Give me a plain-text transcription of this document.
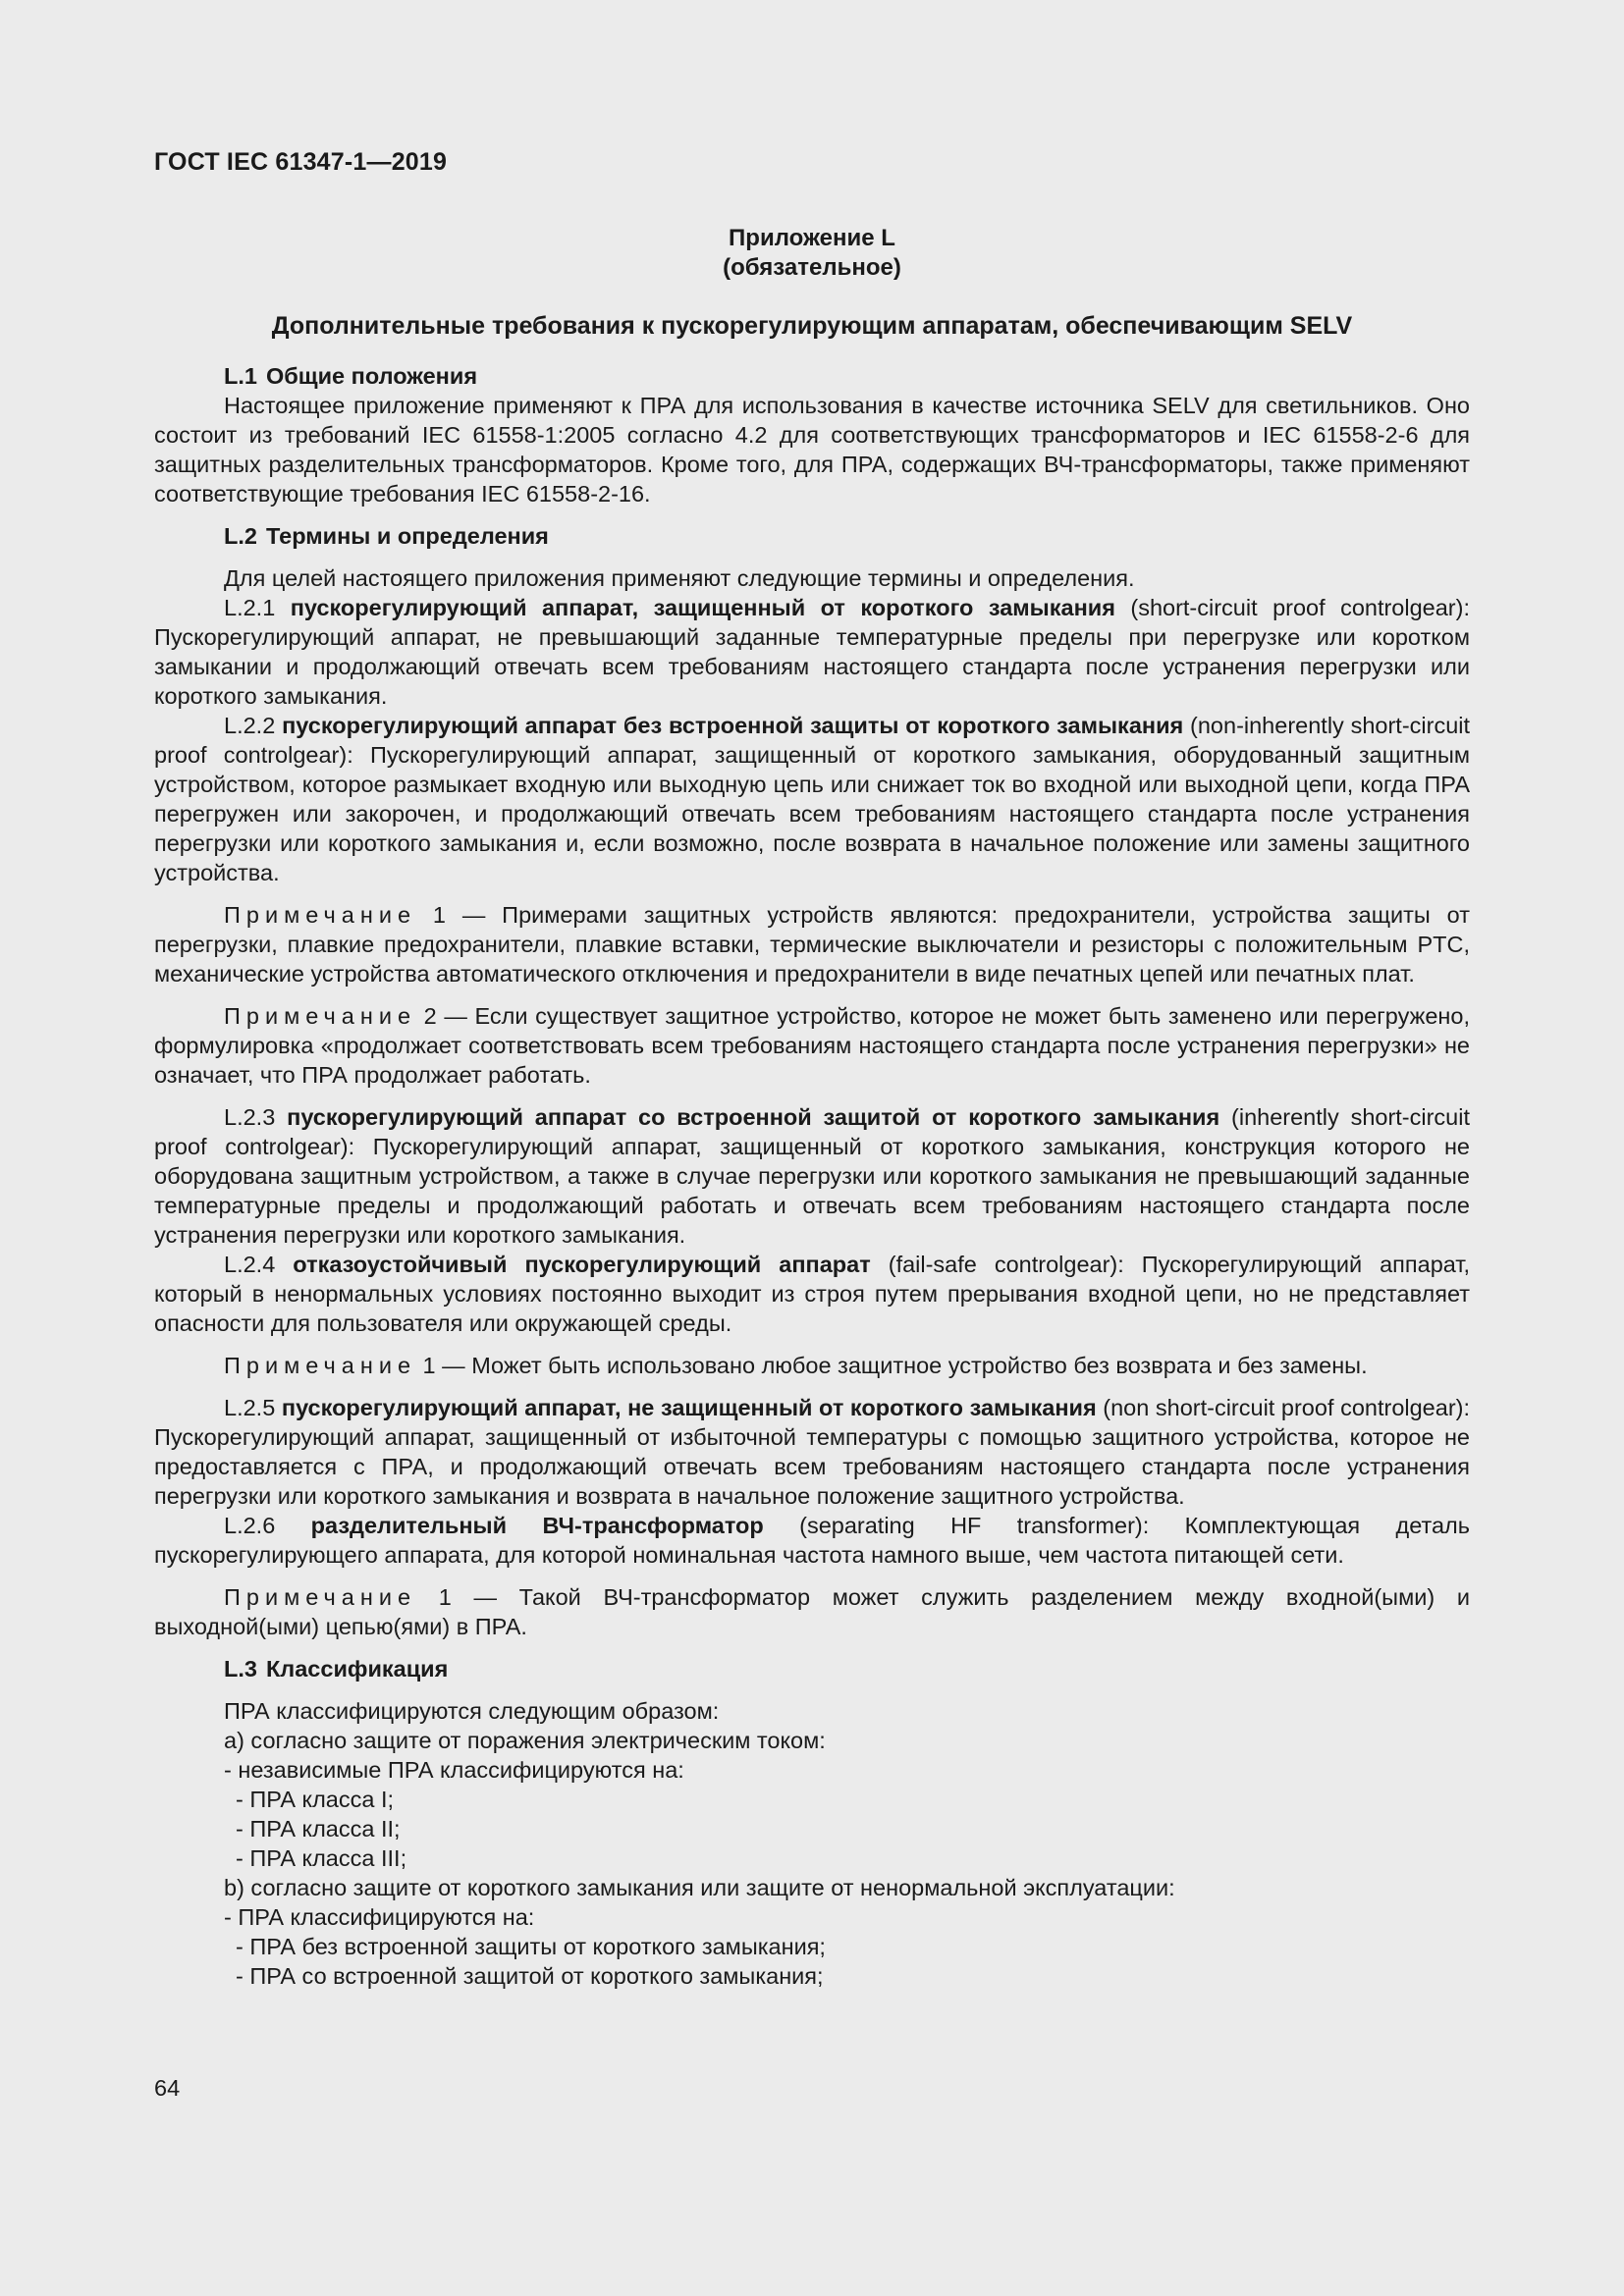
ГОСТ IEC 61347-1—2019
Приложение L
(обязательное)
Дополнительные требования к пускорегулирующим аппаратам, обеспечивающим SELV
L.1 Общие положения

Настоящее приложение применяют к ПРА для использования в качестве источника SELV для светильников. Оно состоит из требований IEC 61558-1:2005 согласно 4.2 для соответствующих трансформаторов и IEC 61558-2-6 для защитных разделительных трансформаторов. Кроме того, для ПРА, содержащих ВЧ-трансформаторы, также применяют соответствующие требования IEC 61558-2-16.

L.2 Термины и определения

Для целей настоящего приложения применяют следующие термины и определения.

L.2.1 пускорегулирующий аппарат, защищенный от короткого замыкания (short-circuit proof controlgear): Пускорегулирующий аппарат, не превышающий заданные температурные пределы при перегрузке или коротком замыкании и продолжающий отвечать всем требованиям настоящего стандарта после устранения перегрузки или короткого замыкания.

L.2.2 пускорегулирующий аппарат без встроенной защиты от короткого замыкания (non-inherently short-circuit proof controlgear): Пускорегулирующий аппарат, защищенный от короткого замыкания, оборудованный защитным устройством, которое размыкает входную или выходную цепь или снижает ток во входной или выходной цепи, когда ПРА перегружен или закорочен, и продолжающий отвечать всем требованиям настоящего стандарта после устранения перегрузки или короткого замыкания и, если возможно, после возврата в начальное положение или замены защитного устройства.

Примечание 1 — Примерами защитных устройств являются: предохранители, устройства защиты от перегрузки, плавкие предохранители, плавкие вставки, термические выключатели и резисторы с положительным PTC, механические устройства автоматического отключения и предохранители в виде печатных цепей или печатных плат.

Примечание 2 — Если существует защитное устройство, которое не может быть заменено или перегружено, формулировка «продолжает соответствовать всем требованиям настоящего стандарта после устранения перегрузки» не означает, что ПРА продолжает работать.

L.2.3 пускорегулирующий аппарат со встроенной защитой от короткого замыкания (inherently short-circuit proof controlgear): Пускорегулирующий аппарат, защищенный от короткого замыкания, конструкция которого не оборудована защитным устройством, а также в случае перегрузки или короткого замыкания не превышающий заданные температурные пределы и продолжающий работать и отвечать всем требованиям настоящего стандарта после устранения перегрузки или короткого замыкания.

L.2.4 отказоустойчивый пускорегулирующий аппарат (fail-safe controlgear): Пускорегулирующий аппарат, который в ненормальных условиях постоянно выходит из строя путем прерывания входной цепи, но не представляет опасности для пользователя или окружающей среды.

Примечание 1 — Может быть использовано любое защитное устройство без возврата и без замены.

L.2.5 пускорегулирующий аппарат, не защищенный от короткого замыкания (non short-circuit proof controlgear): Пускорегулирующий аппарат, защищенный от избыточной температуры с помощью защитного устройства, которое не предоставляется с ПРА, и продолжающий отвечать всем требованиям настоящего стандарта после устранения перегрузки или короткого замыкания и возврата в начальное положение защитного устройства.

L.2.6 разделительный ВЧ-трансформатор (separating HF transformer): Комплектующая деталь пускорегулирующего аппарата, для которой номинальная частота намного выше, чем частота питающей сети.

Примечание 1 — Такой ВЧ-трансформатор может служить разделением между входной(ыми) и выходной(ыми) цепью(ями) в ПРА.

L.3 Классификация
ПРА классифицируются следующим образом:
a) согласно защите от поражения электрическим током:
- независимые ПРА классифицируются на:
- ПРА класса I;
- ПРА класса II;
- ПРА класса III;
b) согласно защите от короткого замыкания или защите от ненормальной эксплуатации:
- ПРА классифицируются на:
- ПРА без встроенной защиты от короткого замыкания;
- ПРА со встроенной защитой от короткого замыкания;
64
